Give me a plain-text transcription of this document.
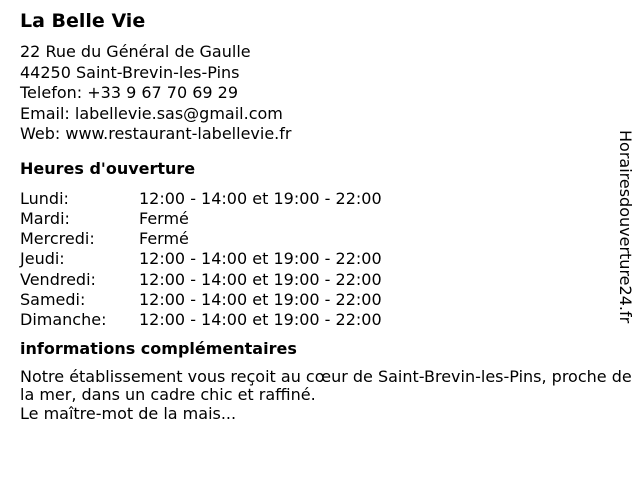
La Belle Vie
22 Rue du Général de Gaulle
44250 Saint-Brevin-les-Pins
Telefon: +33 9 67 70 69 29
Email: labellevie.sas@gmail.com
Web: www.restaurant-labellevie.fr
Heures d'ouverture
Lundi:	12:00 - 14:00 et 19:00 - 22:00
Mardi:	Fermé
Mercredi:	Fermé
Jeudi:	12:00 - 14:00 et 19:00 - 22:00
Vendredi:	12:00 - 14:00 et 19:00 - 22:00
Samedi:	12:00 - 14:00 et 19:00 - 22:00
Dimanche:	12:00 - 14:00 et 19:00 - 22:00
informations complémentaires
Notre établissement vous reçoit au cœur de Saint-Brevin-les-Pins, proche de la mer, dans un cadre chic et raffiné.
Le maître-mot de la mais...
Horairesdouverture24.fr
